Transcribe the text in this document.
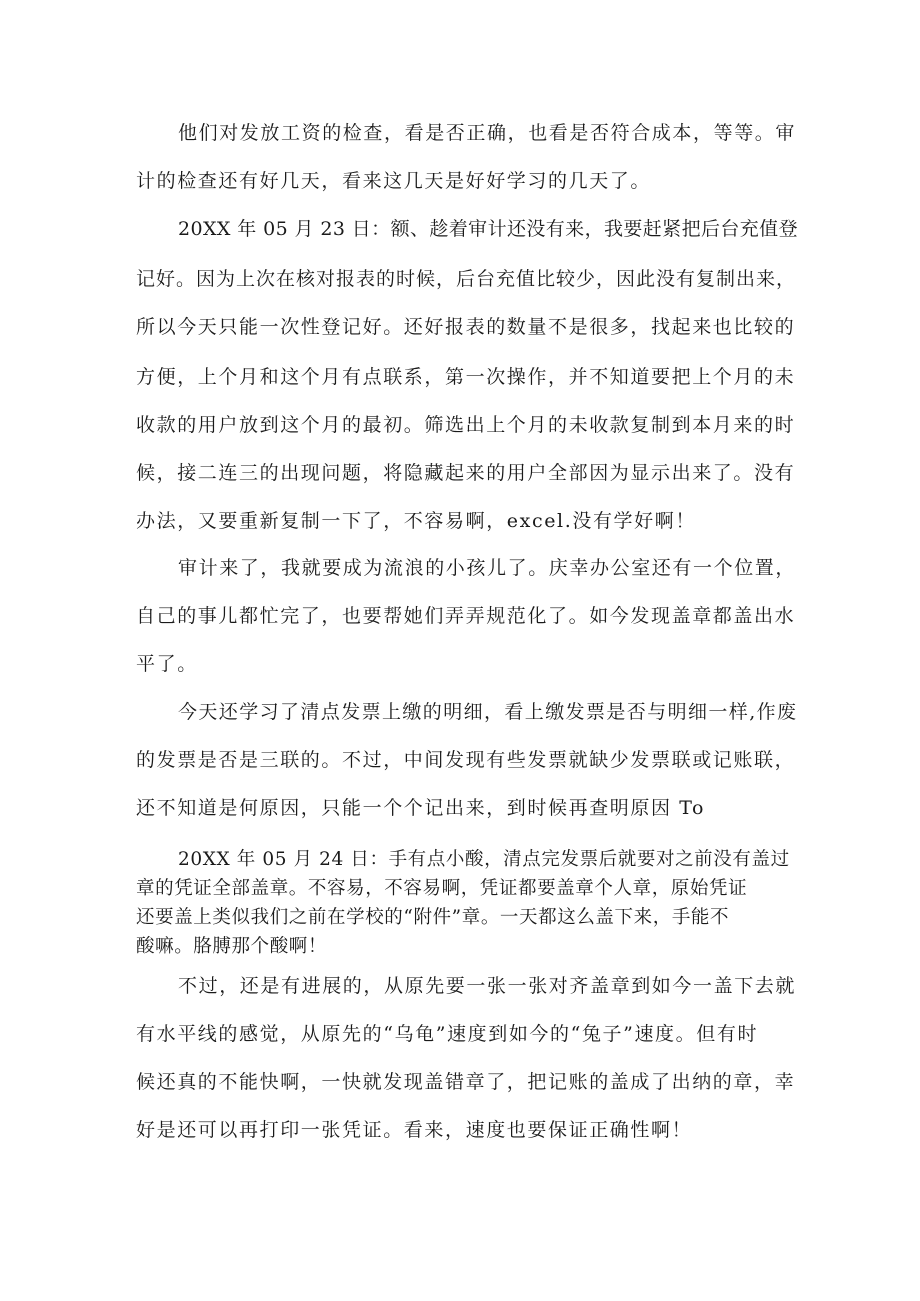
他们对发放工资的检查，看是否正确，也看是否符合成本，等等。审
计的检查还有好几天，看来这几天是好好学习的几天了。
20XX 年 05 月 23 日：额、趁着审计还没有来，我要赶紧把后台充值登
记好。因为上次在核对报表的时候，后台充值比较少，因此没有复制出来，
所以今天只能一次性登记好。还好报表的数量不是很多，找起来也比较的
方便，上个月和这个月有点联系，第一次操作，并不知道要把上个月的未
收款的用户放到这个月的最初。筛选出上个月的未收款复制到本月来的时
候，接二连三的出现问题，将隐藏起来的用户全部因为显示出来了。没有
办法，又要重新复制一下了，不容易啊，excel.没有学好啊！
审计来了，我就要成为流浪的小孩儿了。庆幸办公室还有一个位置，
自己的事儿都忙完了，也要帮她们弄弄规范化了。如今发现盖章都盖出水
平了。
今天还学习了清点发票上缴的明细，看上缴发票是否与明细一样,作废
的发票是否是三联的。不过，中间发现有些发票就缺少发票联或记账联，
还不知道是何原因，只能一个个记出来，到时候再查明原因 To
20XX 年 05 月 24 日：手有点小酸，清点完发票后就要对之前没有盖过
章的凭证全部盖章。不容易，不容易啊，凭证都要盖章个人章，原始凭证
还要盖上类似我们之前在学校的“附件”章。一天都这么盖下来，手能不
酸嘛。胳膊那个酸啊！
不过，还是有进展的，从原先要一张一张对齐盖章到如今一盖下去就
有水平线的感觉，从原先的“乌龟”速度到如今的“兔子”速度。但有时
候还真的不能快啊，一快就发现盖错章了，把记账的盖成了出纳的章，幸
好是还可以再打印一张凭证。看来，速度也要保证正确性啊！
